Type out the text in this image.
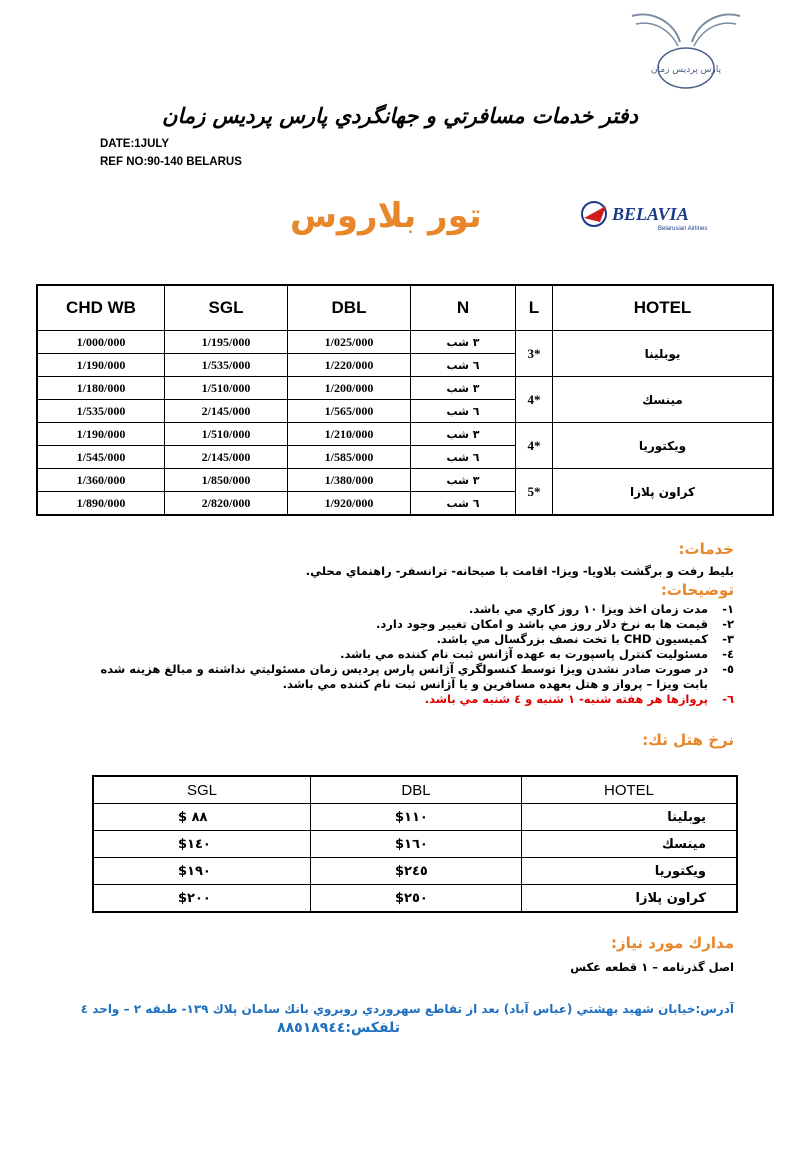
پارس پرديس زمان
دفتر خدمات مسافرتي و جهانگردي پارس پرديس زمان
DATE:1JULY
REF NO:90-140 BELARUS
تور بلاروس	BELAVIA
Belarusian Airlines
CHD WB	SGL	DBL	N	L	HOTEL
1/000/000	1/195/000	1/025/000	٣ شب	3*	يوبلينا
1/190/000	1/535/000	1/220/000	٦ شب		
1/180/000	1/510/000	1/200/000	٣ شب	4*	مينسك
1/535/000	2/145/000	1/565/000	٦ شب		
1/190/000	1/510/000	1/210/000	٣ شب	4*	ويكتوريا
1/545/000	2/145/000	1/585/000	٦ شب		
1/360/000	1/850/000	1/380/000	٣ شب	5*	كراون پلازا
1/890/000	2/820/000	1/920/000	٦ شب		
خدمات:
بليط رفت و برگشت بلاويا- ويزا- اقامت با صبحانه- ترانسفر- راهنماي محلي.
توضيحات:
١-
مدت زمان اخذ ويزا ١٠ روز كاري مي باشد.
٢-
قيمت ها به نرخ دلار روز مي باشد و امكان تغيير وجود دارد.
٣-
كميسيون CHD با تخت نصف بزرگسال مي باشد.
٤-
مسئوليت كنترل پاسپورت به عهده آژانس ثبت نام كننده مي باشد.
٥-
در صورت صادر نشدن ويزا توسط كنسولگري آژانس پارس پرديس زمان مسئوليتي نداشته و مبالغ هزينه شده بابت ويزا – پرواز و هتل بعهده مسافرين و يا آژانس ثبت نام كننده مي باشد.
٦-
پروازها هر هفته شنبه- ١ شنبه و ٤ شنبه مي باشد.
نرخ هتل تك:
SGL	DBL	HOTEL
$ ٨٨	$١١٠	يوبلينا
$١٤٠	$١٦٠	مينسك
$١٩٠	$٢٤٥	ويكتوريا
$٢٠٠	$٢٥٠	كراون پلازا
مدارك مورد نياز:
اصل گذرنامه – ١ قطعه عكس
آدرس:خيابان شهيد بهشتي (عباس آباد) بعد از تقاطع سهروردي روبروي بانك سامان پلاك ١٣٩- طبقه ٢ – واحد ٤
تلفكس:٨٨٥١٨٩٤٤
